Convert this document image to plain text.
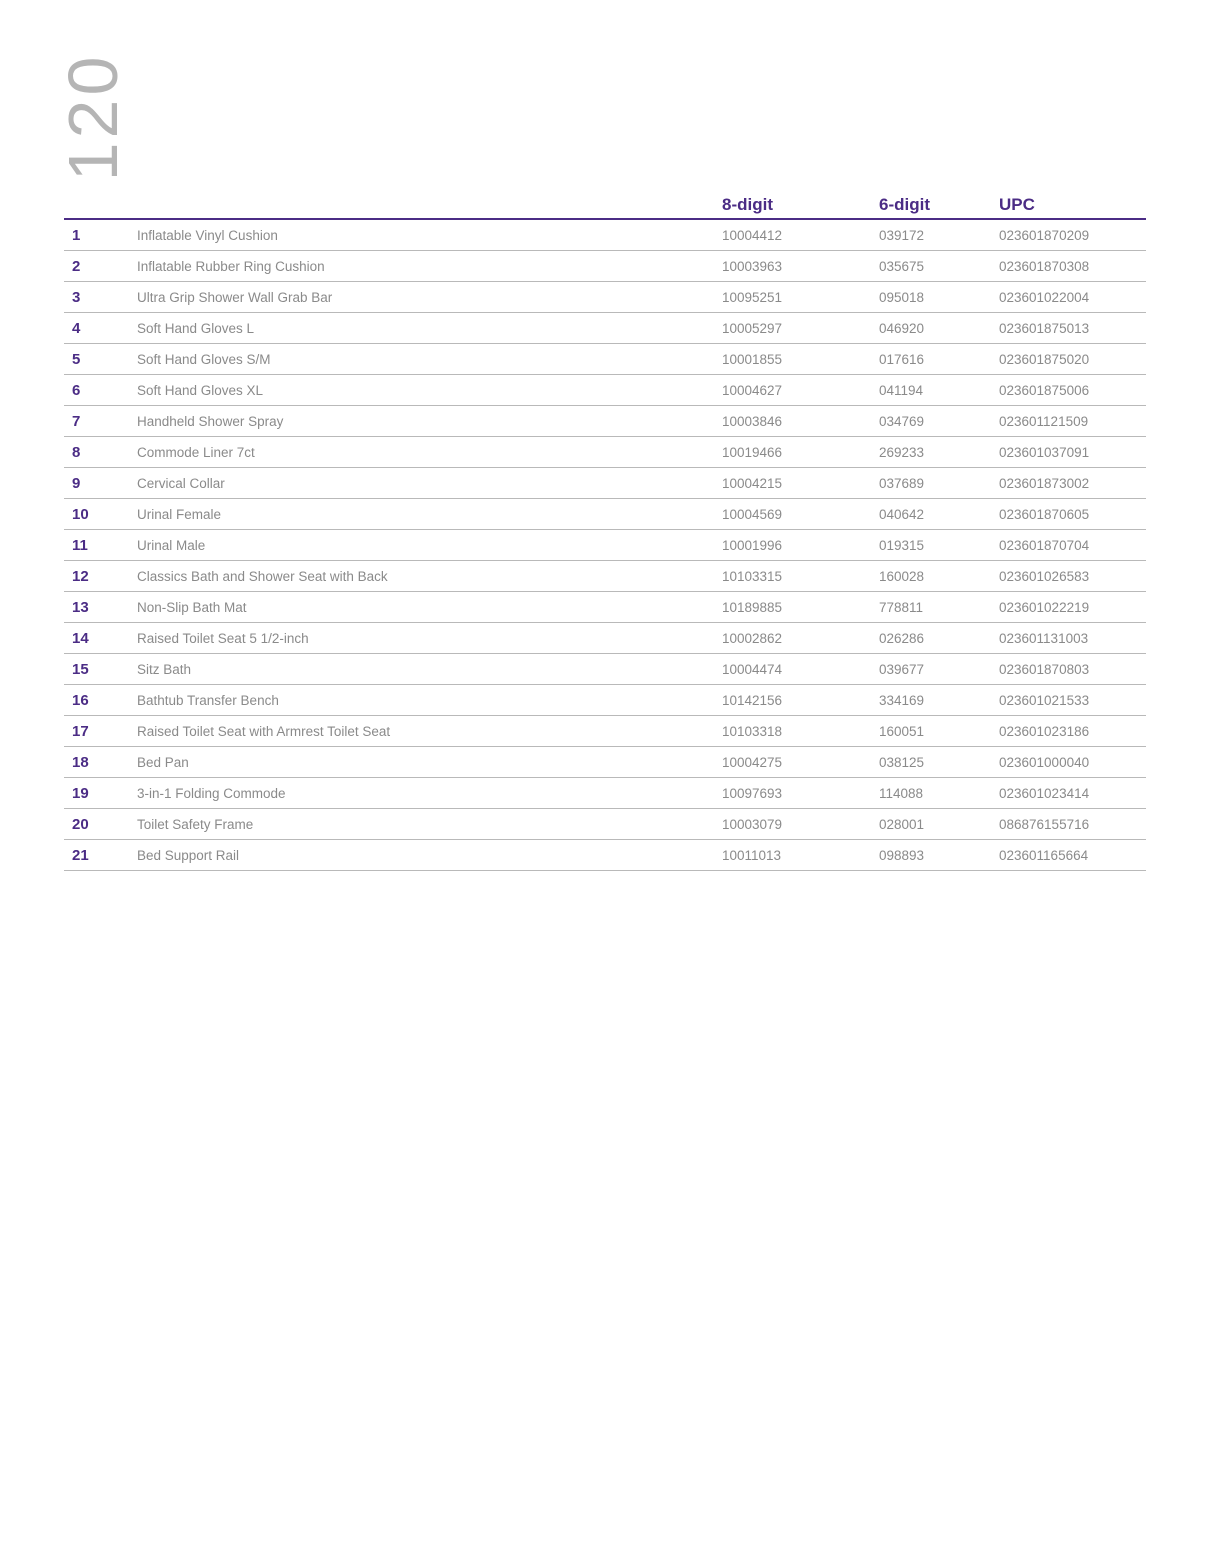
120
		8-digit	6-digit	UPC
1	Inflatable Vinyl Cushion	10004412	039172	023601870209
2	Inflatable Rubber Ring Cushion	10003963	035675	023601870308
3	Ultra Grip Shower Wall Grab Bar	10095251	095018	023601022004
4	Soft Hand Gloves L	10005297	046920	023601875013
5	Soft Hand Gloves S/M	10001855	017616	023601875020
6	Soft Hand Gloves XL	10004627	041194	023601875006
7	Handheld Shower Spray	10003846	034769	023601121509
8	Commode Liner 7ct	10019466	269233	023601037091
9	Cervical Collar	10004215	037689	023601873002
10	Urinal Female	10004569	040642	023601870605
11	Urinal Male	10001996	019315	023601870704
12	Classics Bath and Shower Seat with Back	10103315	160028	023601026583
13	Non-Slip Bath Mat	10189885	778811	023601022219
14	Raised Toilet Seat 5 1/2-inch	10002862	026286	023601131003
15	Sitz Bath	10004474	039677	023601870803
16	Bathtub Transfer Bench	10142156	334169	023601021533
17	Raised Toilet Seat with Armrest Toilet Seat	10103318	160051	023601023186
18	Bed Pan	10004275	038125	023601000040
19	3-in-1 Folding Commode	10097693	114088	023601023414
20	Toilet Safety Frame	10003079	028001	086876155716
21	Bed Support Rail	10011013	098893	023601165664
